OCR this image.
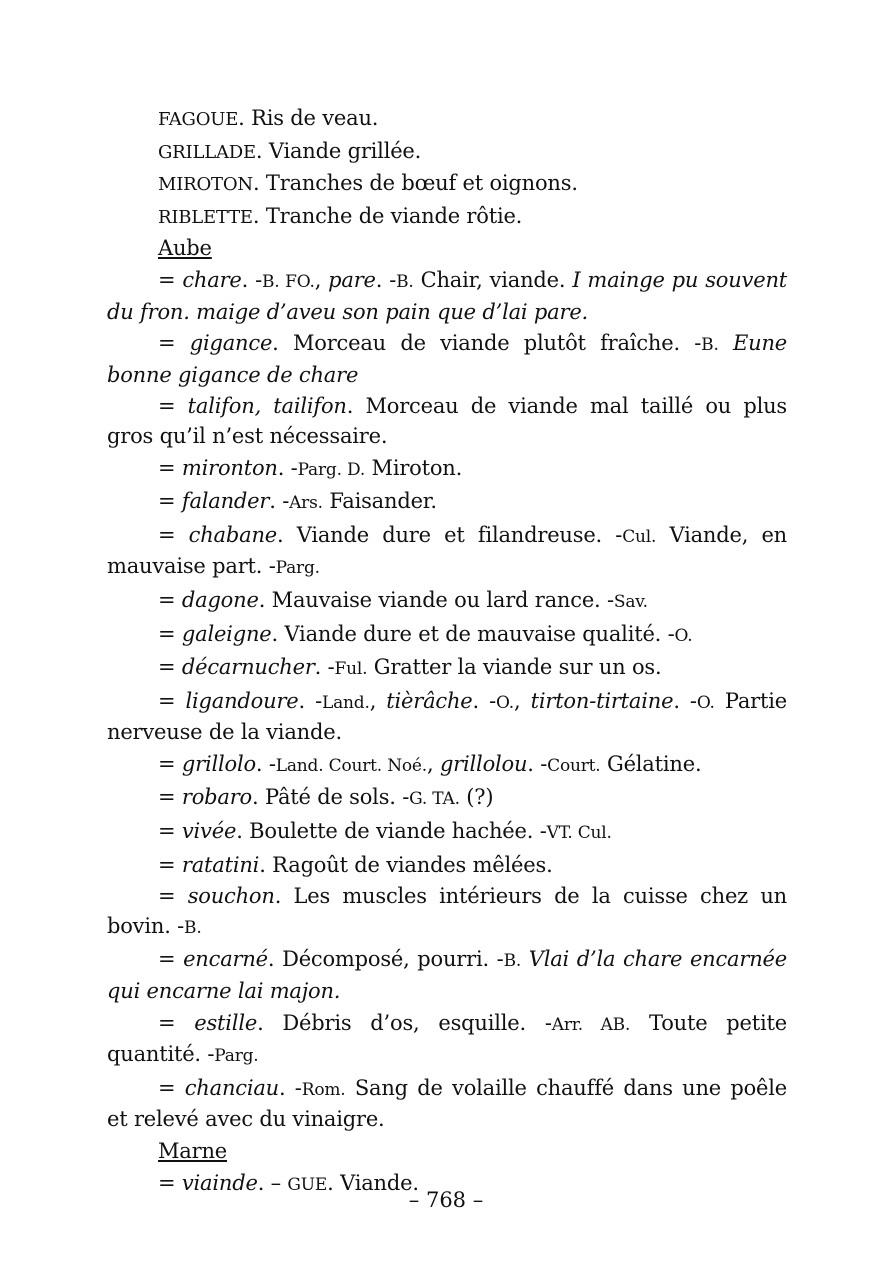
FAGOUE. Ris de veau.
GRILLADE. Viande grillée.
MIROTON. Tranches de bœuf et oignons.
RIBLETTE. Tranche de viande rôtie.
Aube
= chare. -B. FO., pare. -B. Chair, viande. I mainge pu souvent du fron. maige d’aveu son pain que d’lai pare.
= gigance. Morceau de viande plutôt fraîche. -B. Eune bonne gigance de chare
= talifon, tailifon. Morceau de viande mal taillé ou plus gros qu’il n’est nécessaire.
= mironton. -Parg. D. Miroton.
= falander. -Ars. Faisander.
= chabane. Viande dure et filandreuse. -Cul. Viande, en mauvaise part. -Parg.
= dagone. Mauvaise viande ou lard rance. -Sav.
= galeigne. Viande dure et de mauvaise qualité. -O.
= décarnucher. -Ful. Gratter la viande sur un os.
= ligandoure. -Land., tièrâche. -O., tirton-tirtaine. -O. Partie nerveuse de la viande.
= grillolo. -Land. Court. Noé., grillolou. -Court. Gélatine.
= robaro. Pâté de sols. -G. TA. (?)
= vivée. Boulette de viande hachée. -VT. Cul.
= ratatini. Ragoût de viandes mêlées.
= souchon. Les muscles intérieurs de la cuisse chez un bovin. -B.
= encarné. Décomposé, pourri. -B. Vlai d’la chare encarnée qui encarne lai majon.
= estille. Débris d’os, esquille. -Arr. AB. Toute petite quantité. -Parg.
= chanciau. -Rom. Sang de volaille chauffé dans une poêle et relevé avec du vinaigre.
Marne
= viainde. – GUE. Viande.
– 768 –
